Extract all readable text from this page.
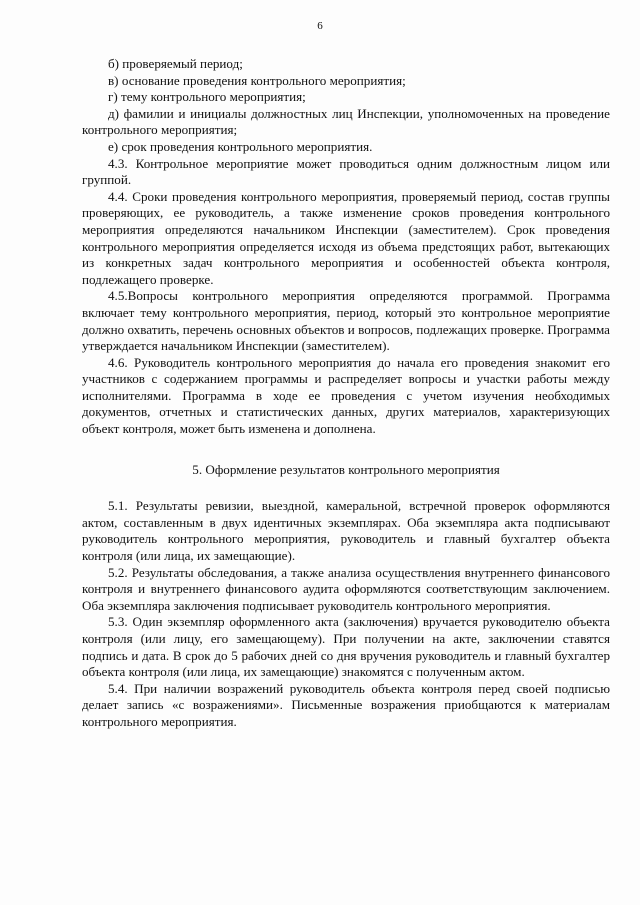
6

б) проверяемый период;

в) основание проведения контрольного мероприятия;

г) тему контрольного мероприятия;

д) фамилии и инициалы должностных лиц Инспекции, уполномоченных на проведение контрольного мероприятия;

е) срок проведения контрольного мероприятия.

4.3. Контрольное мероприятие может проводиться одним должностным лицом или группой.

4.4. Сроки проведения контрольного мероприятия, проверяемый период, состав группы проверяющих, ее руководитель, а также изменение сроков проведения контрольного мероприятия определяются начальником Инспекции (заместителем). Срок проведения контрольного мероприятия определяется исходя из объема предстоящих работ, вытекающих из конкретных задач контрольного мероприятия и особенностей объекта контроля, подлежащего проверке.

4.5.Вопросы контрольного мероприятия определяются программой. Программа включает тему контрольного мероприятия, период, который это контрольное мероприятие должно охватить, перечень основных объектов и вопросов, подлежащих проверке. Программа утверждается начальником Инспекции (заместителем).

4.6. Руководитель контрольного мероприятия до начала его проведения знакомит его участников с содержанием программы и распределяет вопросы и участки работы между исполнителями. Программа в ходе ее проведения с учетом изучения необходимых документов, отчетных и статистических данных, других материалов, характеризующих объект контроля, может быть изменена и дополнена.

5. Оформление результатов контрольного мероприятия

5.1. Результаты ревизии, выездной, камеральной, встречной проверок оформляются актом, составленным в двух идентичных экземплярах. Оба экземпляра акта подписывают руководитель контрольного мероприятия, руководитель и главный бухгалтер объекта контроля (или лица, их замещающие).

5.2. Результаты обследования, а также анализа осуществления внутреннего финансового контроля и внутреннего финансового аудита оформляются соответствующим заключением. Оба экземпляра заключения подписывает руководитель контрольного мероприятия.

5.3. Один экземпляр оформленного акта (заключения) вручается руководителю объекта контроля (или лицу, его замещающему). При получении на акте, заключении ставятся подпись и дата. В срок до 5 рабочих дней со дня вручения руководитель и главный бухгалтер объекта контроля (или лица, их замещающие) знакомятся с полученным актом.

5.4. При наличии возражений руководитель объекта контроля перед своей подписью делает запись «с возражениями». Письменные возражения приобщаются к материалам контрольного мероприятия.
